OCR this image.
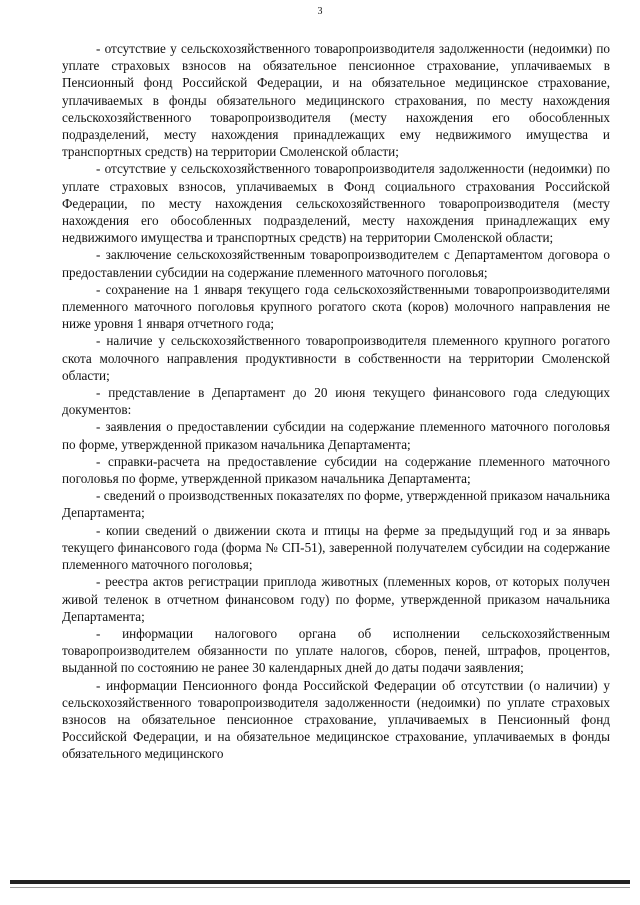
3

- отсутствие у сельскохозяйственного товаропроизводителя задолженности (недоимки) по уплате страховых взносов на обязательное пенсионное страхование, уплачиваемых в Пенсионный фонд Российской Федерации, и на обязательное медицинское страхование, уплачиваемых в фонды обязательного медицинского страхования, по месту нахождения сельскохозяйственного товаропроизводителя (месту нахождения его обособленных подразделений, месту нахождения принадлежащих ему недвижимого имущества и транспортных средств) на территории Смоленской области;

- отсутствие у сельскохозяйственного товаропроизводителя задолженности (недоимки) по уплате страховых взносов, уплачиваемых в Фонд социального страхования Российской Федерации, по месту нахождения сельскохозяйственного товаропроизводителя (месту нахождения его обособленных подразделений, месту нахождения принадлежащих ему недвижимого имущества и транспортных средств) на территории Смоленской области;

- заключение сельскохозяйственным товаропроизводителем с Департаментом договора о предоставлении субсидии на содержание племенного маточного поголовья;

- сохранение на 1 января текущего года сельскохозяйственными товаропроизводителями племенного маточного поголовья крупного рогатого скота (коров) молочного направления не ниже уровня 1 января отчетного года;

- наличие у сельскохозяйственного товаропроизводителя племенного крупного рогатого скота молочного направления продуктивности в собственности на территории Смоленской области;

- представление в Департамент до 20 июня текущего финансового года следующих документов:

- заявления о предоставлении субсидии на содержание племенного маточного поголовья по форме, утвержденной приказом начальника Департамента;

- справки-расчета на предоставление субсидии на содержание племенного маточного поголовья по форме, утвержденной приказом начальника Департамента;

- сведений о производственных показателях по форме, утвержденной приказом начальника Департамента;

- копии сведений о движении скота и птицы на ферме за предыдущий год и за январь текущего финансового года (форма № СП-51), заверенной получателем субсидии на содержание племенного маточного поголовья;

- реестра актов регистрации приплода животных (племенных коров, от которых получен живой теленок в отчетном финансовом году) по форме, утвержденной приказом начальника Департамента;

- информации налогового органа об исполнении сельскохозяйственным товаропроизводителем обязанности по уплате налогов, сборов, пеней, штрафов, процентов, выданной по состоянию не ранее 30 календарных дней до даты подачи заявления;

- информации Пенсионного фонда Российской Федерации об отсутствии (о наличии) у сельскохозяйственного товаропроизводителя задолженности (недоимки) по уплате страховых взносов на обязательное пенсионное страхование, уплачиваемых в Пенсионный фонд Российской Федерации, и на обязательное медицинское страхование, уплачиваемых в фонды обязательного медицинского
